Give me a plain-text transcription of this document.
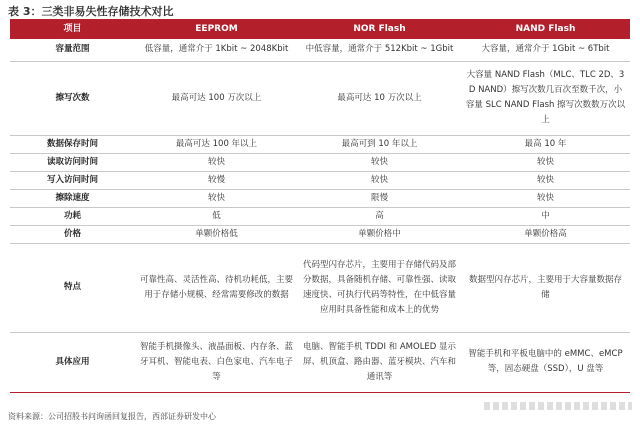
表 3：三类非易失性存储技术对比
项目	EEPROM	NOR Flash	NAND Flash
容量范围	低容量，通常介于 1Kbit ~ 2048Kbit	中低容量，通常介于 512Kbit ~ 1Gbit	大容量，通常介于 1Gbit ~ 6Tbit
擦写次数	最高可达 100 万次以上	最高可达 10 万次以上	大容量 NAND Flash（MLC、TLC 2D、3D NAND）擦写次数几百次至数千次，小容量 SLC NAND Flash 擦写次数数万次以上
数据保存时间	最高可达 100 年以上	最高可到 10 年以上	最高 10 年
读取访问时间	较快	较快	较快
写入访问时间	较慢	较快	较快
擦除速度	较快	限慢	较快
功耗	低	高	中
价格	单颗价格低	单颗价格中	单颗价格高
特点	可靠性高、灵活性高、待机功耗低，主要用于存储小规模、经常需要修改的数据	代码型闪存芯片，主要用于存储代码及部分数据，具备随机存储、可靠性强、读取速度快、可执行代码等特性，在中低容量应用时具备性能和成本上的优势	数据型闪存芯片，主要用于大容量数据存储
具体应用	智能手机摄像头、液晶面板、内存条、蓝牙耳机、智能电表、白色家电、汽车电子等	电脑、智能手机 TDDI 和 AMOLED 显示屏、机顶盒、路由器、蓝牙模块、汽车和通讯等	智能手机和平板电脑中的 eMMC、eMCP 等，固态硬盘（SSD），U 盘等
资料来源：公司招股书问询函回复报告，西部证券研发中心
